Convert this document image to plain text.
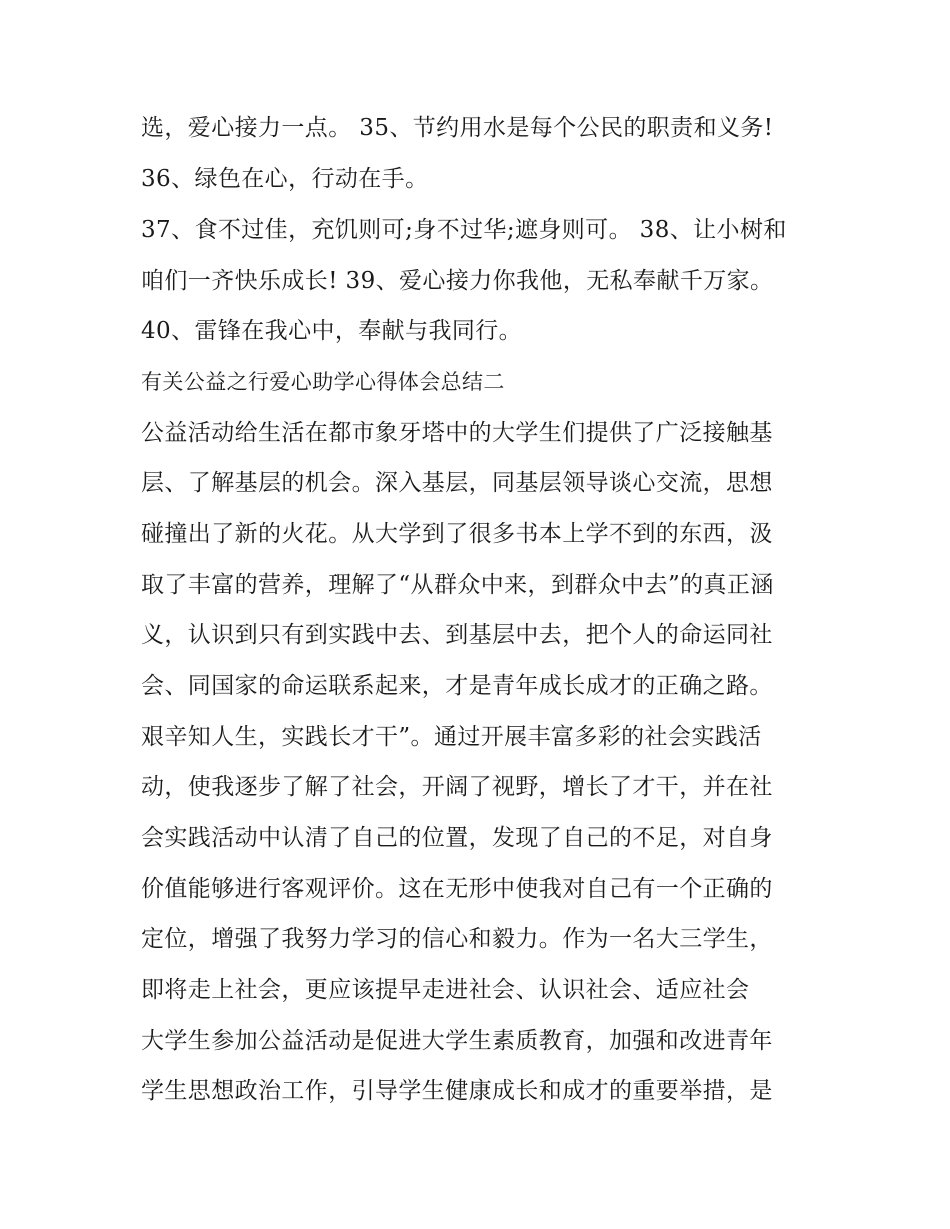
选，爱心接力一点。 35、节约用水是每个公民的职责和义务!
36、绿色在心，行动在手。
37、食不过佳，充饥则可;身不过华;遮身则可。 38、让小树和
咱们一齐快乐成长! 39、爱心接力你我他，无私奉献千万家。
40、雷锋在我心中，奉献与我同行。
有关公益之行爱心助学心得体会总结二
公益活动给生活在都市象牙塔中的大学生们提供了广泛接触基
层、了解基层的机会。深入基层，同基层领导谈心交流，思想
碰撞出了新的火花。从大学到了很多书本上学不到的东西，汲
取了丰富的营养，理解了“从群众中来，到群众中去”的真正涵
义，认识到只有到实践中去、到基层中去，把个人的命运同社
会、同国家的命运联系起来，才是青年成长成才的正确之路。
艰辛知人生，实践长才干”。通过开展丰富多彩的社会实践活
动，使我逐步了解了社会，开阔了视野，增长了才干，并在社
会实践活动中认清了自己的位置，发现了自己的不足，对自身
价值能够进行客观评价。这在无形中使我对自己有一个正确的
定位，增强了我努力学习的信心和毅力。作为一名大三学生，
即将走上社会，更应该提早走进社会、认识社会、适应社会
大学生参加公益活动是促进大学生素质教育，加强和改进青年
学生思想政治工作，引导学生健康成长和成才的重要举措，是
